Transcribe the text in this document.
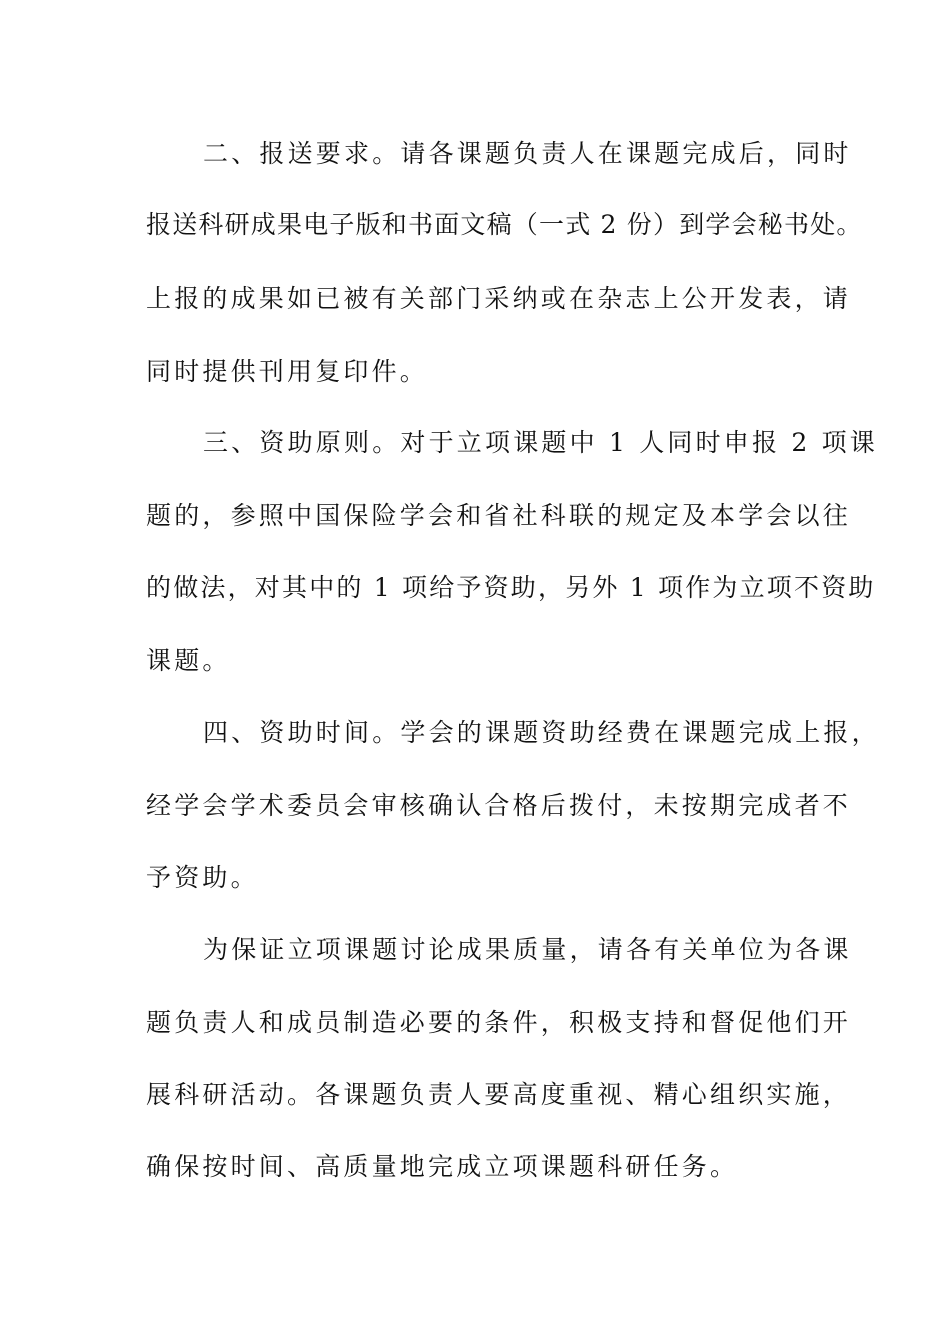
二、报送要求。请各课题负责人在课题完成后，同时
报送科研成果电子版和书面文稿（一式 2 份）到学会秘书处。
上报的成果如已被有关部门采纳或在杂志上公开发表，请
同时提供刊用复印件。
三、资助原则。对于立项课题中 1 人同时申报 2 项课
题的，参照中国保险学会和省社科联的规定及本学会以往
的做法，对其中的 1 项给予资助，另外 1 项作为立项不资助
课题。
四、资助时间。学会的课题资助经费在课题完成上报，
经学会学术委员会审核确认合格后拨付，未按期完成者不
予资助。
为保证立项课题讨论成果质量，请各有关单位为各课
题负责人和成员制造必要的条件，积极支持和督促他们开
展科研活动。各课题负责人要高度重视、精心组织实施，
确保按时间、高质量地完成立项课题科研任务。
